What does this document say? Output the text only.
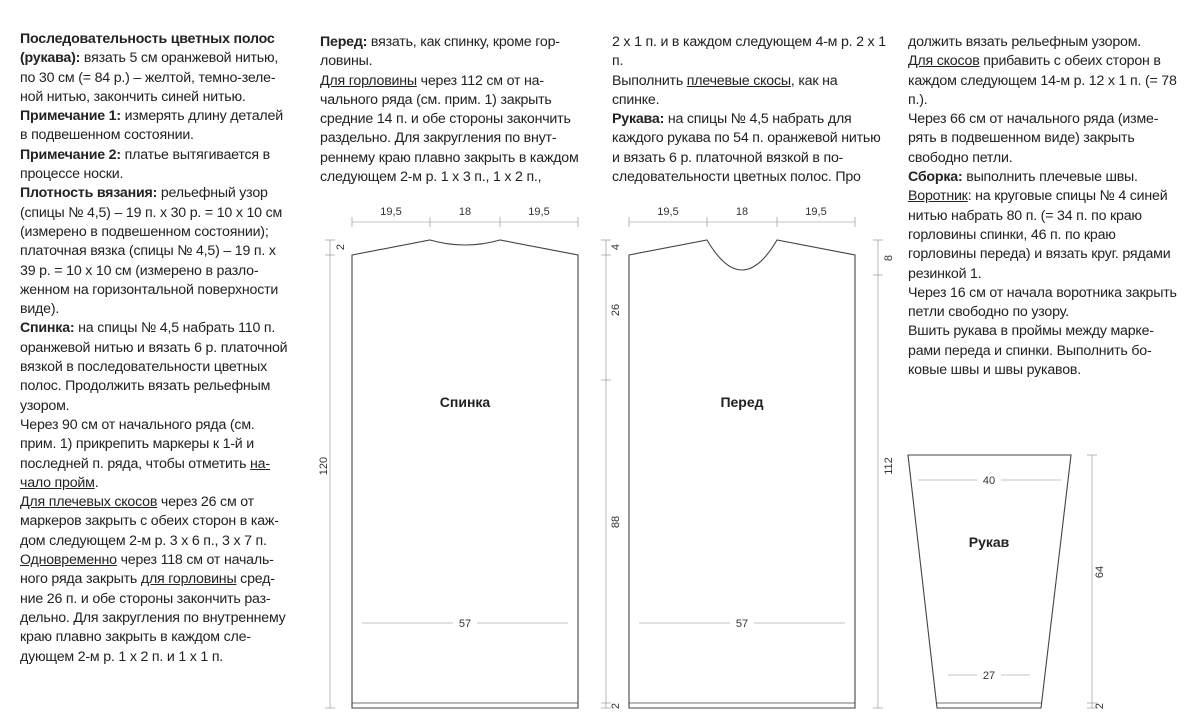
Последовательность цветных полос (рукава): вязать 5 см оранжевой нитью, по 30 см (= 84 р.) – желтой, темно-зеленой нитью, закончить синей нитью.

Примечание 1: измерять длину деталей в подвешенном состоянии.

Примечание 2: платье вытягивается в процессе носки.

Плотность вязания: рельефный узор (спицы № 4,5) – 19 п. х 30 р. = 10 х 10 см (измерено в подвешенном состоянии); платочная вязка (спицы № 4,5) – 19 п. х 39 р. = 10 х 10 см (измерено в разложенном на горизонтальной поверхности виде).

Спинка: на спицы № 4,5 набрать 110 п. оранжевой нитью и вязать 6 р. платочной вязкой в последовательности цветных полос. Продолжить вязать рельефным узором.

Через 90 см от начального ряда (см. прим. 1) прикрепить маркеры к 1-й и последней п. ряда, чтобы отметить начало пройм.

Для плечевых скосов через 26 см от маркеров закрыть с обеих сторон в каждом следующем 2-м р. 3 х 6 п., 3 х 7 п.

Одновременно через 118 см от начального ряда закрыть для горловины средние 26 п. и обе стороны закончить раздельно. Для закругления по внутреннему краю плавно закрыть в каждом следующем 2-м р. 1 х 2 п. и 1 х 1 п.

Перед: вязать, как спинку, кроме горловины.

Для горловины через 112 см от начального ряда (см. прим. 1) закрыть средние 14 п. и обе стороны закончить раздельно. Для закругления по внутреннему краю плавно закрыть в каждом следующем 2-м р. 1 х 3 п., 1 х 2 п.,

2 х 1 п. и в каждом следующем 4-м р. 2 х 1 п.

Выполнить плечевые скосы, как на спинке.

Рукава: на спицы № 4,5 набрать для каждого рукава по 54 п. оранжевой нитью и вязать 6 р. платочной вязкой в последовательности цветных полос. Про

должить вязать рельефным узором.

Для скосов прибавить с обеих сторон в каждом следующем 14-м р. 12 х 1 п. (= 78 п.).

Через 66 см от начального ряда (измерять в подвешенном виде) закрыть свободно петли.

Сборка: выполнить плечевые швы.

Воротник: на круговые спицы № 4 синей нитью набрать 80 п. (= 34 п. по краю горловины спинки, 46 п. по краю горловины переда) и вязать круг. рядами резинкой 1.

Через 16 см от начала воротника закрыть петли свободно по узору.

Вшить рукава в проймы между маркерами переда и спинки. Выполнить боковые швы и швы рукавов.

19,5	18	19,5
2
120
57
Спинка
19,5	18	19,5
4
26
88
2
8
112
57
Перед
40
27
64
2
Рукав
